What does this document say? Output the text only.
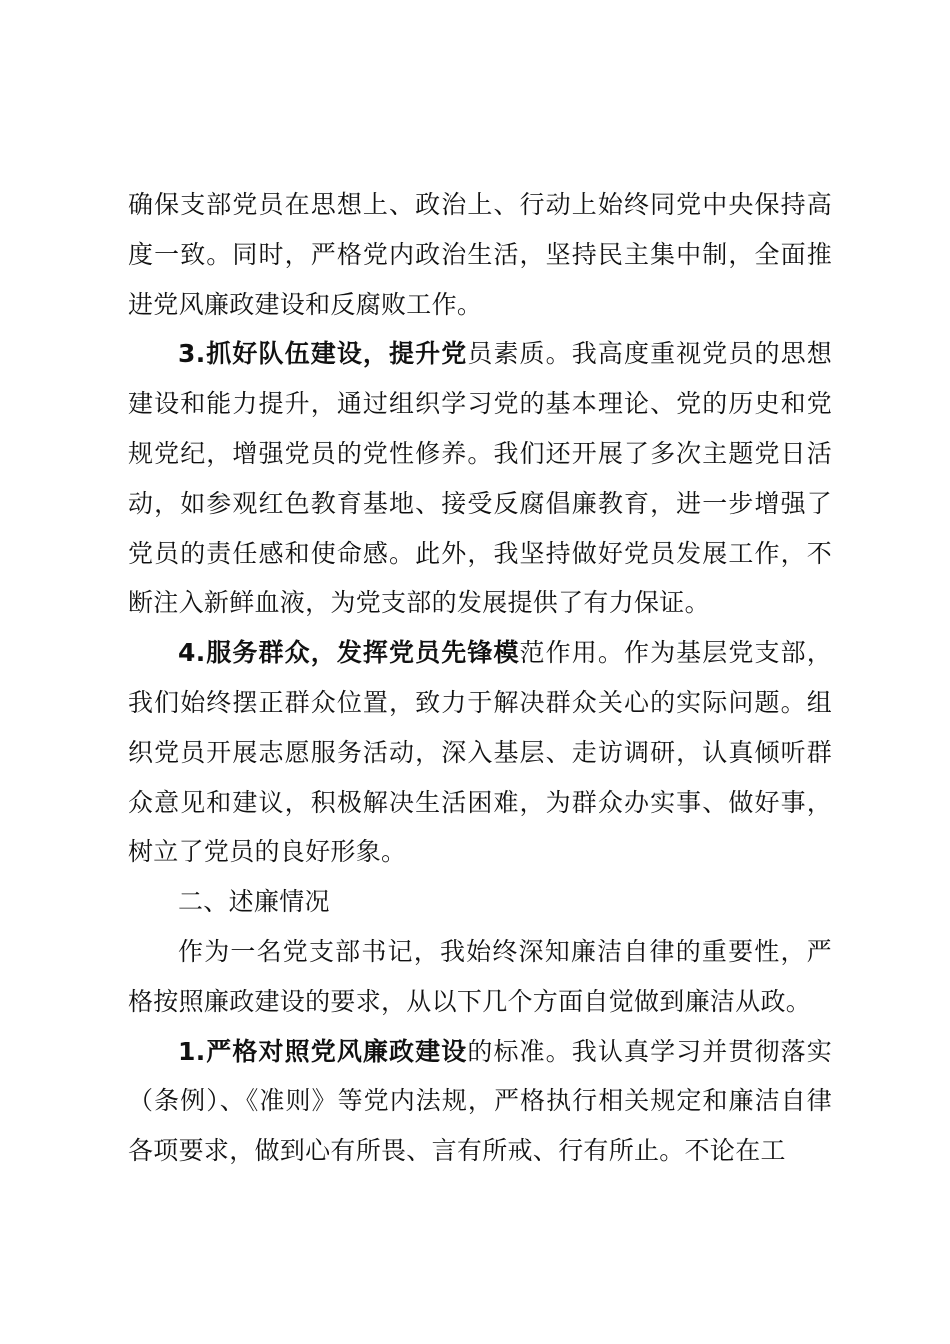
确保支部党员在思想上、政治上、行动上始终同党中央保持高度一致。同时，严格党内政治生活，坚持民主集中制，全面推进党风廉政建设和反腐败工作。

3.抓好队伍建设，提升党员素质。我高度重视党员的思想建设和能力提升，通过组织学习党的基本理论、党的历史和党规党纪，增强党员的党性修养。我们还开展了多次主题党日活动，如参观红色教育基地、接受反腐倡廉教育，进一步增强了党员的责任感和使命感。此外，我坚持做好党员发展工作，不断注入新鲜血液，为党支部的发展提供了有力保证。

4.服务群众，发挥党员先锋模范作用。作为基层党支部，我们始终摆正群众位置，致力于解决群众关心的实际问题。组织党员开展志愿服务活动，深入基层、走访调研，认真倾听群众意见和建议，积极解决生活困难，为群众办实事、做好事，树立了党员的良好形象。

二、述廉情况

作为一名党支部书记，我始终深知廉洁自律的重要性，严格按照廉政建设的要求，从以下几个方面自觉做到廉洁从政。

1.严格对照党风廉政建设的标准。我认真学习并贯彻落实（条例）、《准则》等党内法规，严格执行相关规定和廉洁自律各项要求，做到心有所畏、言有所戒、行有所止。不论在工
